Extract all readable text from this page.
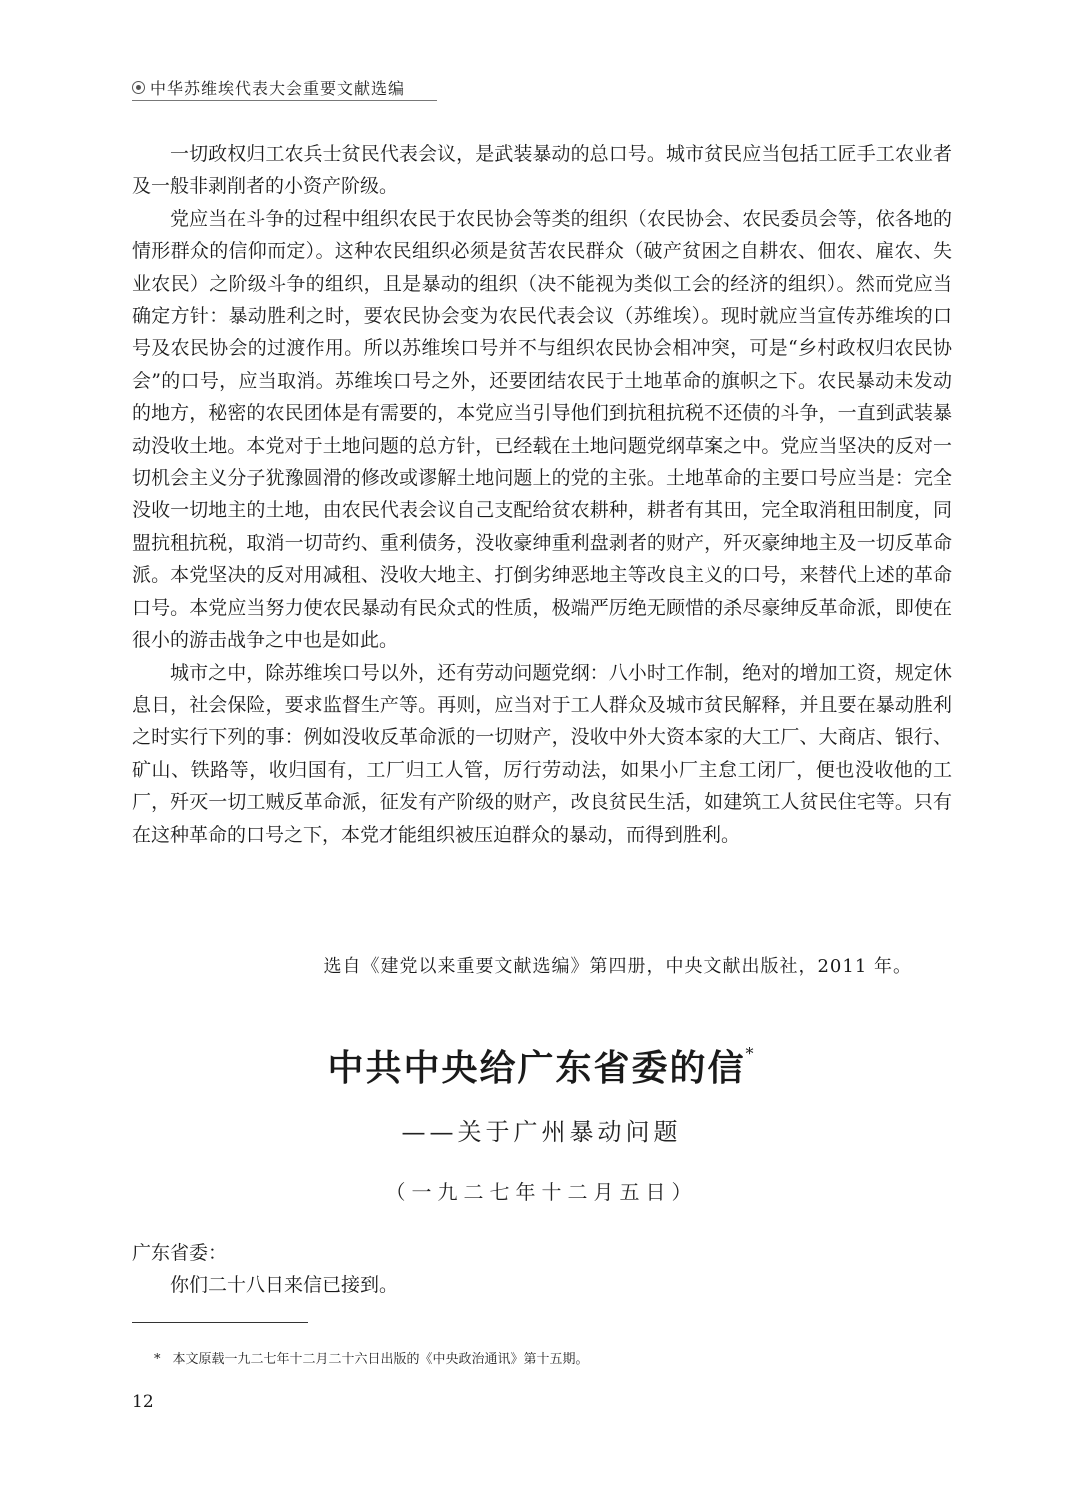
中华苏维埃代表大会重要文献选编

一切政权归工农兵士贫民代表会议，是武装暴动的总口号。城市贫民应当包括工匠手工农业者及一般非剥削者的小资产阶级。

党应当在斗争的过程中组织农民于农民协会等类的组织（农民协会、农民委员会等，依各地的情形群众的信仰而定）。这种农民组织必须是贫苦农民群众（破产贫困之自耕农、佃农、雇农、失业农民）之阶级斗争的组织，且是暴动的组织（决不能视为类似工会的经济的组织）。然而党应当确定方针：暴动胜利之时，要农民协会变为农民代表会议（苏维埃）。现时就应当宣传苏维埃的口号及农民协会的过渡作用。所以苏维埃口号并不与组织农民协会相冲突，可是“乡村政权归农民协会”的口号，应当取消。苏维埃口号之外，还要团结农民于土地革命的旗帜之下。农民暴动未发动的地方，秘密的农民团体是有需要的，本党应当引导他们到抗租抗税不还债的斗争，一直到武装暴动没收土地。本党对于土地问题的总方针，已经载在土地问题党纲草案之中。党应当坚决的反对一切机会主义分子犹豫圆滑的修改或谬解土地问题上的党的主张。土地革命的主要口号应当是：完全没收一切地主的土地，由农民代表会议自己支配给贫农耕种，耕者有其田，完全取消租田制度，同盟抗租抗税，取消一切苛约、重利债务，没收豪绅重利盘剥者的财产，歼灭豪绅地主及一切反革命派。本党坚决的反对用减租、没收大地主、打倒劣绅恶地主等改良主义的口号，来替代上述的革命口号。本党应当努力使农民暴动有民众式的性质，极端严厉绝无顾惜的杀尽豪绅反革命派，即使在很小的游击战争之中也是如此。

城市之中，除苏维埃口号以外，还有劳动问题党纲：八小时工作制，绝对的增加工资，规定休息日，社会保险，要求监督生产等。再则，应当对于工人群众及城市贫民解释，并且要在暴动胜利之时实行下列的事：例如没收反革命派的一切财产，没收中外大资本家的大工厂、大商店、银行、矿山、铁路等，收归国有，工厂归工人管，厉行劳动法，如果小厂主怠工闭厂，便也没收他的工厂，歼灭一切工贼反革命派，征发有产阶级的财产，改良贫民生活，如建筑工人贫民住宅等。只有在这种革命的口号之下，本党才能组织被压迫群众的暴动，而得到胜利。

选自《建党以来重要文献选编》第四册，中央文献出版社，2011 年。
中共中央给广东省委的信*
——关于广州暴动问题
（一九二七年十二月五日）
广东省委：
你们二十八日来信已接到。
* 本文原载一九二七年十二月二十六日出版的《中央政治通讯》第十五期。
12
